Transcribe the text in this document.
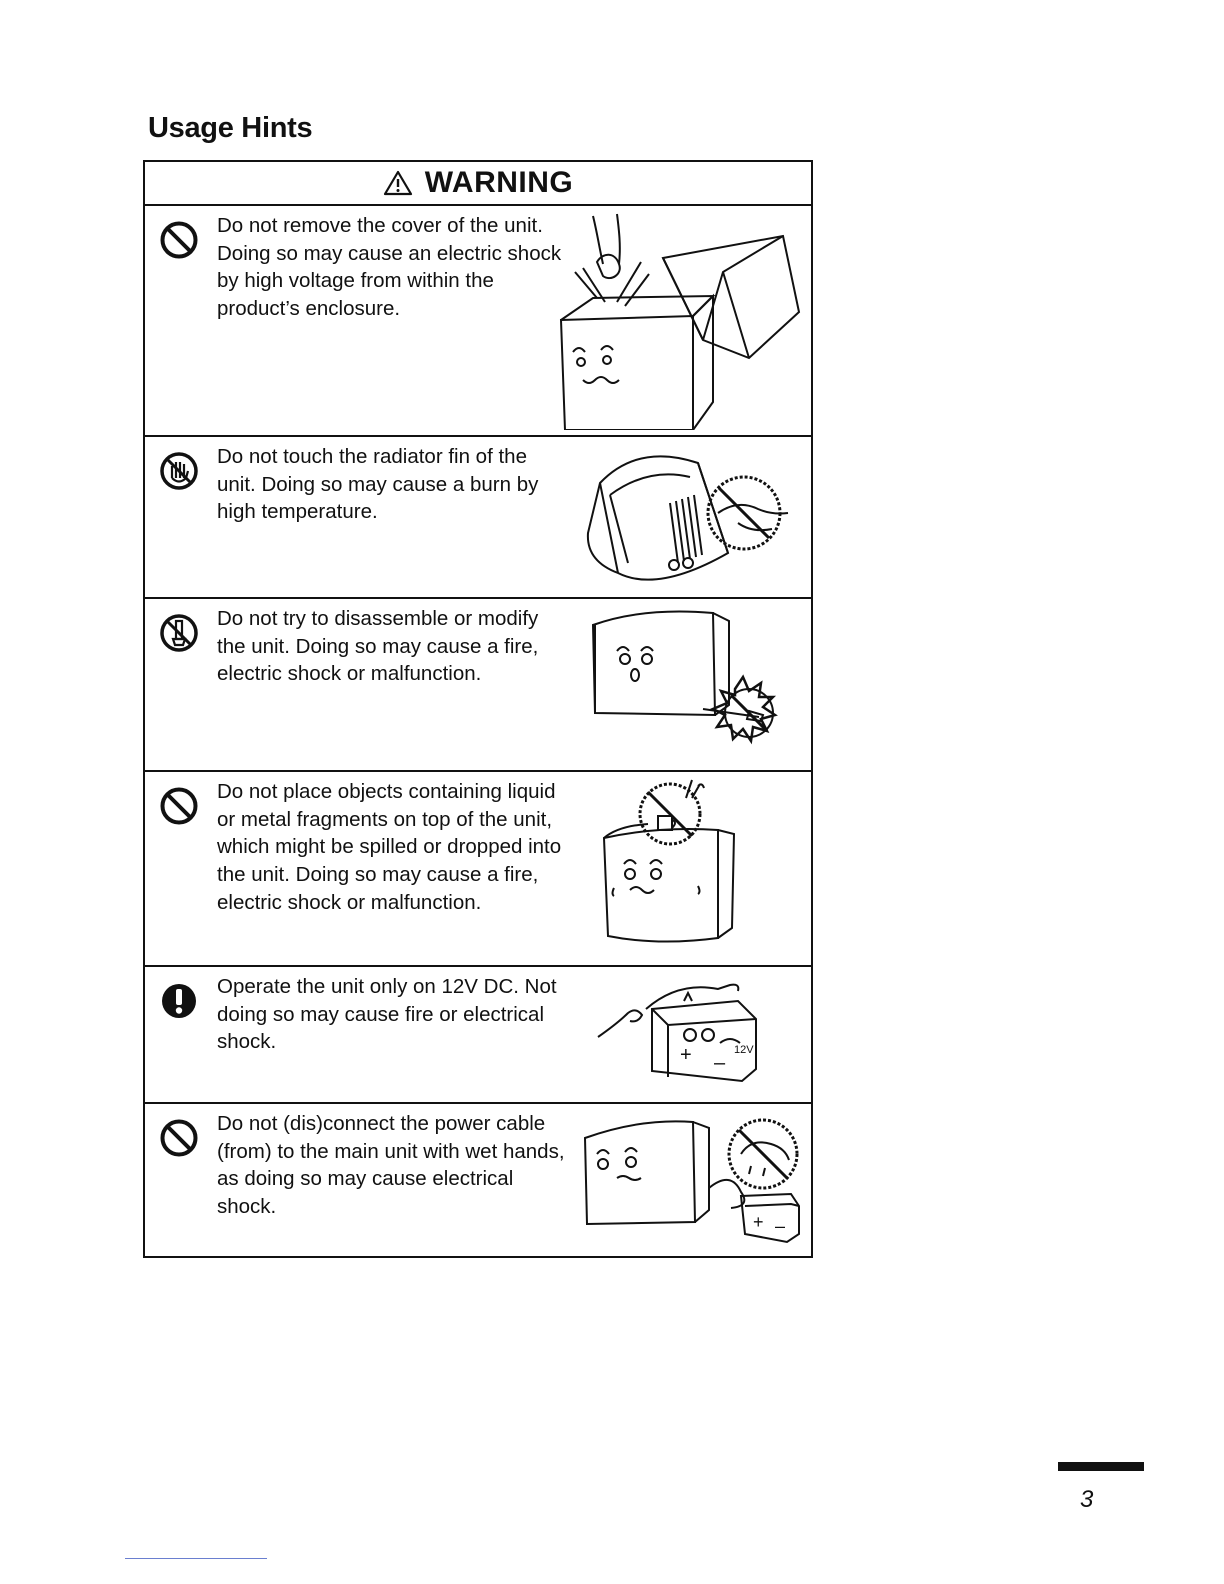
Usage Hints
WARNING

Do not remove the cover of the unit. Doing so may cause an electric shock by high voltage from within the product’s enclosure.

Do not touch the radiator fin of the unit. Doing so may cause a burn by high temperature.

Do not try to disassemble or modify the unit. Doing so may cause a fire, electric shock or malfunction.

Do not place objects containing liquid or metal fragments on top of the unit, which might be spilled or dropped into the unit. Doing so may cause a fire, electric shock or malfunction.

Operate the unit only on 12V DC. Not doing so may cause fire or electrical shock.

+ –
12V

Do not (dis)connect the power cable (from) to the main unit with wet hands, as doing so may cause electrical shock.

+ –
3
